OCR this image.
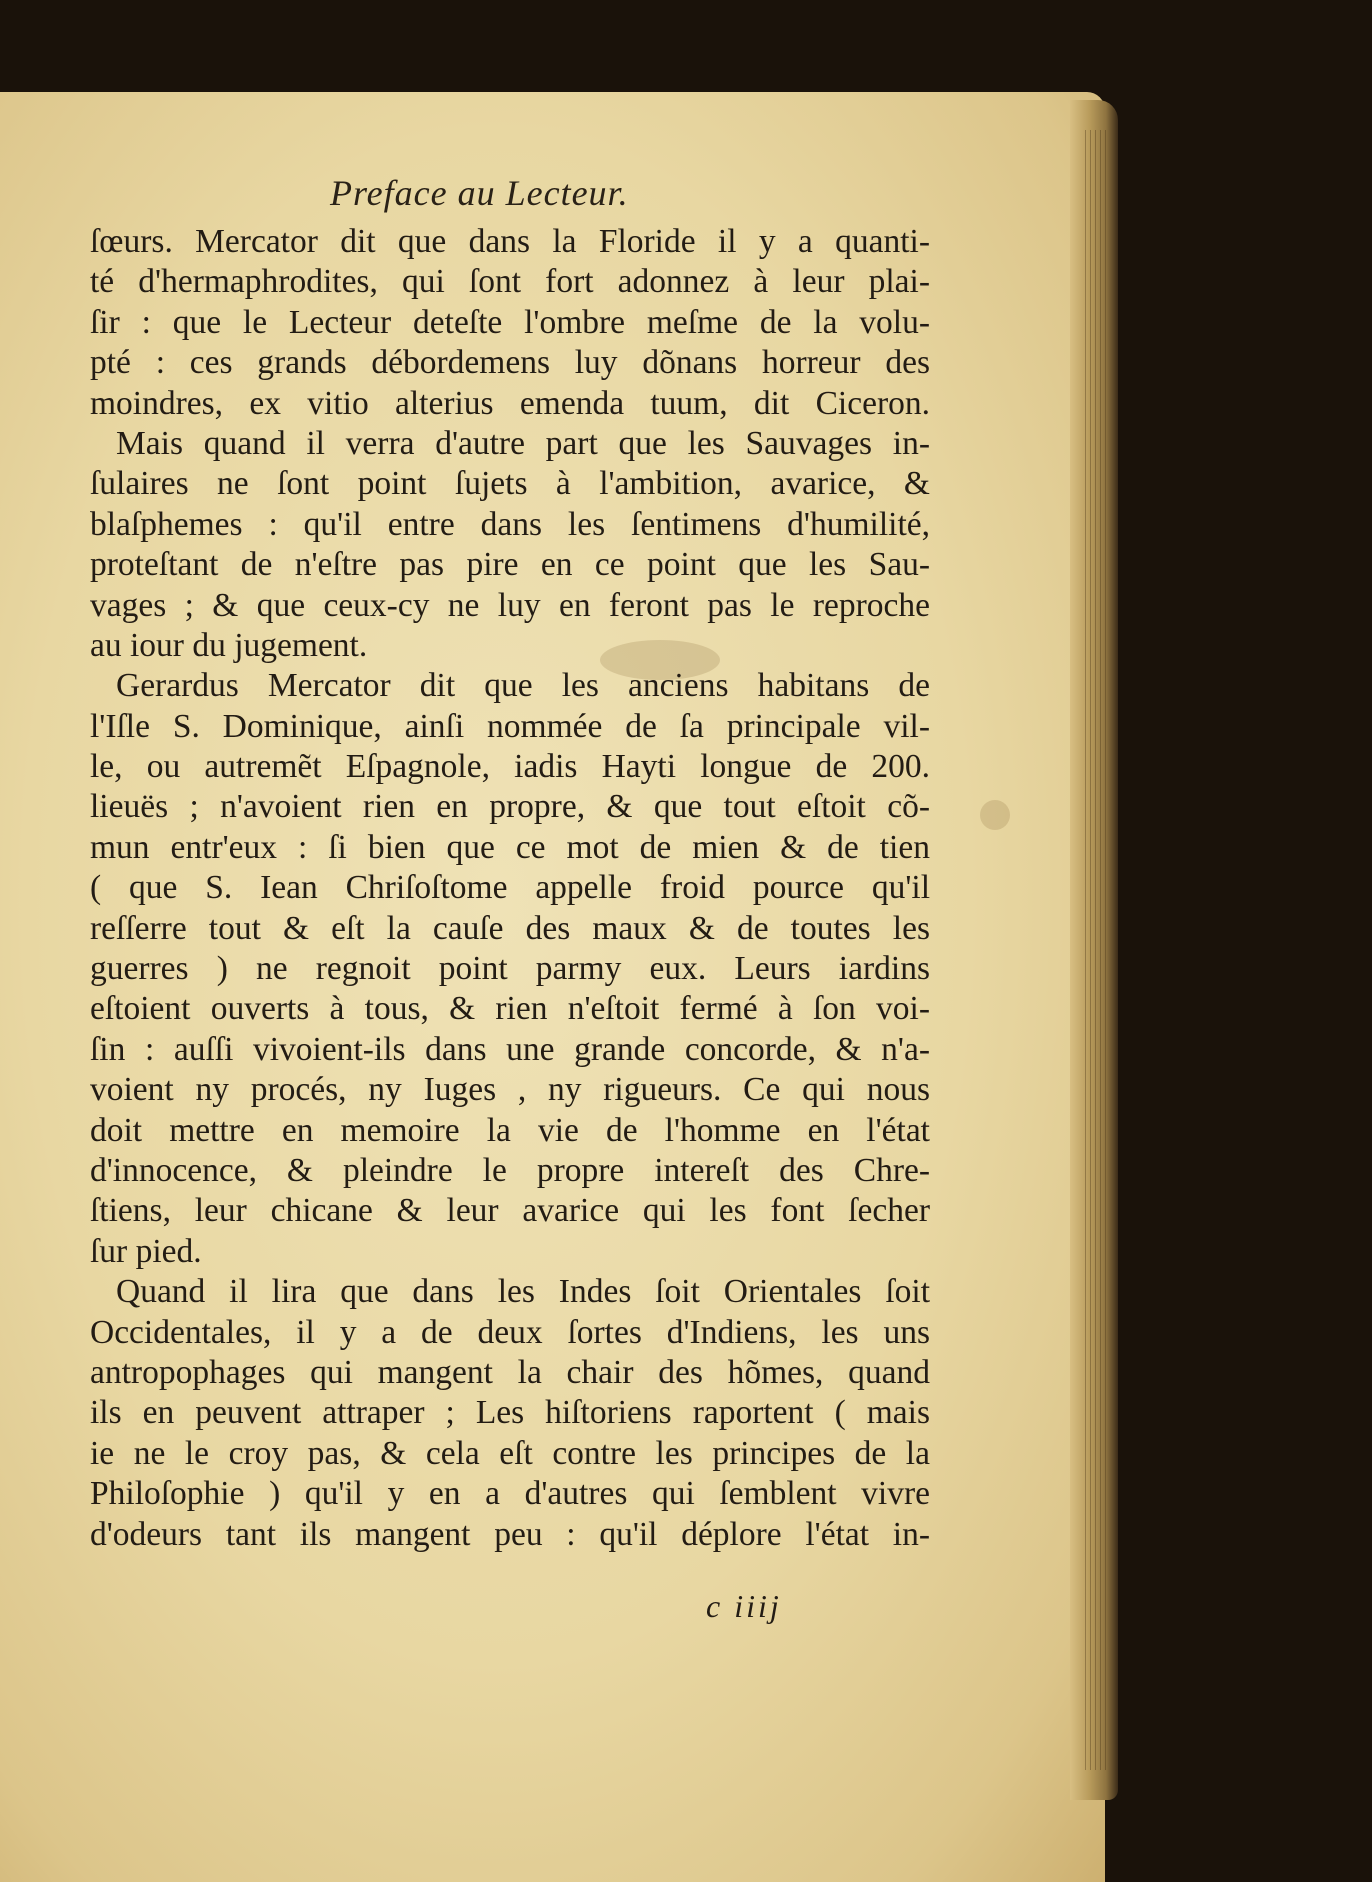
Preface au Lecteur.
ſœurs. Mercator dit que dans la Floride il y a quanti-
té d'hermaphrodites, qui ſont fort adonnez à leur plai-
ſir : que le Lecteur deteſte l'ombre meſme de la volu-
pté : ces grands débordemens luy dõnans horreur des
moindres, ex vitio alterius emenda tuum, dit Ciceron.
Mais quand il verra d'autre part que les Sauvages in-
ſulaires ne ſont point ſujets à l'ambition, avarice, &
blaſphemes : qu'il entre dans les ſentimens d'humilité,
proteſtant de n'eſtre pas pire en ce point que les Sau-
vages ; & que ceux-cy ne luy en feront pas le reproche
au iour du jugement.
Gerardus Mercator dit que les anciens habitans de
l'Iſle S. Dominique, ainſi nommée de ſa principale vil-
le, ou autremẽt Eſpagnole, iadis Hayti longue de 200.
lieuës ; n'avoient rien en propre, & que tout eſtoit cõ-
mun entr'eux : ſi bien que ce mot de mien & de tien
( que S. Iean Chriſoſtome appelle froid pource qu'il
reſſerre tout & eſt la cauſe des maux & de toutes les
guerres ) ne regnoit point parmy eux. Leurs iardins
eſtoient ouverts à tous, & rien n'eſtoit fermé à ſon voi-
ſin : auſſi vivoient-ils dans une grande concorde, & n'a-
voient ny procés, ny Iuges , ny rigueurs. Ce qui nous
doit mettre en memoire la vie de l'homme en l'état
d'innocence, & pleindre le propre intereſt des Chre-
ſtiens, leur chicane & leur avarice qui les font ſecher
ſur pied.
Quand il lira que dans les Indes ſoit Orientales ſoit
Occidentales, il y a de deux ſortes d'Indiens, les uns
antropophages qui mangent la chair des hõmes, quand
ils en peuvent attraper ; Les hiſtoriens raportent ( mais
ie ne le croy pas, & cela eſt contre les principes de la
Philoſophie ) qu'il y en a d'autres qui ſemblent vivre
d'odeurs tant ils mangent peu : qu'il déplore l'état in-
c iiij
